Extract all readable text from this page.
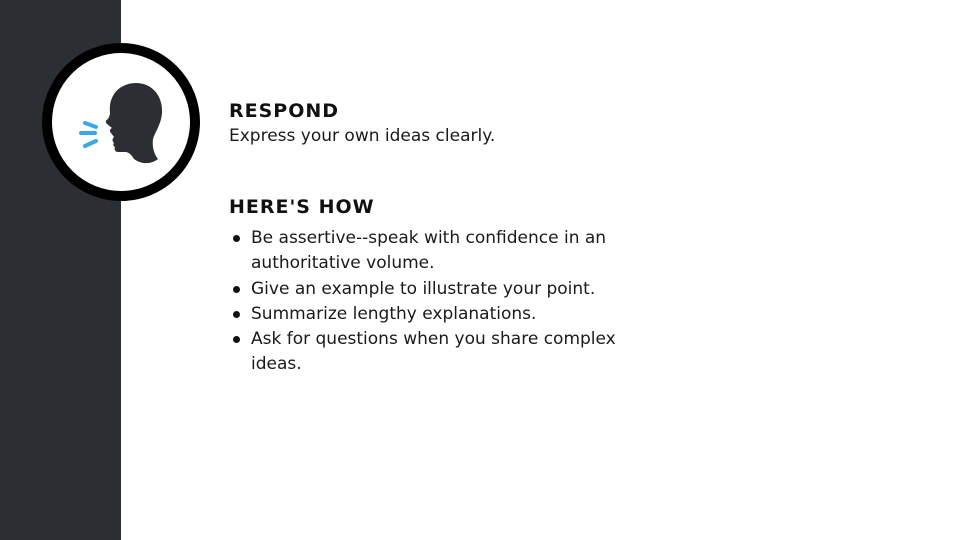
RESPOND

Express your own ideas clearly.

HERE'S HOW
Be assertive--speak with confidence in an authoritative volume.
Give an example to illustrate your point.
Summarize lengthy explanations.
Ask for questions when you share complex ideas.
